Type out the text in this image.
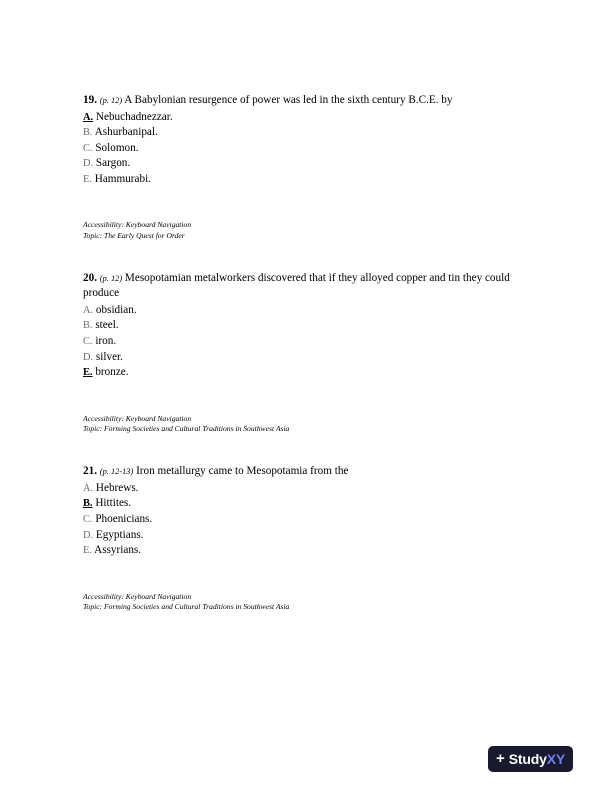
19. (p. 12) A Babylonian resurgence of power was led in the sixth century B.C.E. by

A. Nebuchadnezzar.

B. Ashurbanipal.

C. Solomon.

D. Sargon.

E. Hammurabi.

Accessibility: Keyboard Navigation
Topic: The Early Quest for Order

20. (p. 12) Mesopotamian metalworkers discovered that if they alloyed copper and tin they could produce

A. obsidian.

B. steel.

C. iron.

D. silver.

E. bronze.

Accessibility: Keyboard Navigation
Topic: Forming Societies and Cultural Traditions in Southwest Asia

21. (p. 12-13) Iron metallurgy came to Mesopotamia from the

A. Hebrews.

B. Hittites.

C. Phoenicians.

D. Egyptians.

E. Assyrians.

Accessibility: Keyboard Navigation
Topic: Forming Societies and Cultural Traditions in Southwest Asia
+ StudyXY
